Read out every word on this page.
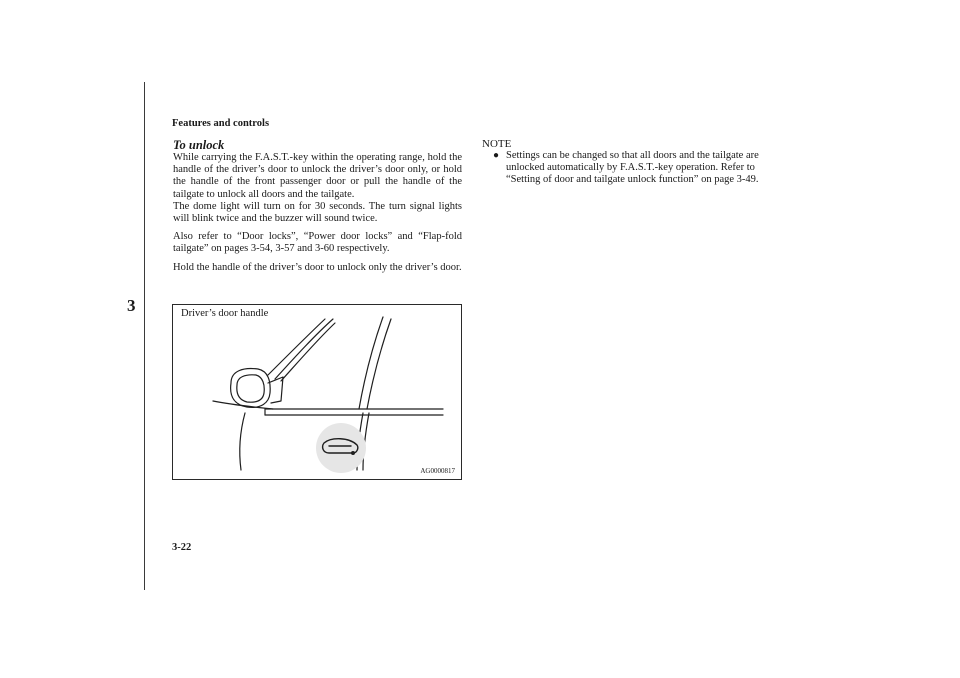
Features and controls
3
To unlock
While carrying the F.A.S.T.-key within the operating range, hold the handle of the driver’s door to unlock the driver’s door only, or hold the handle of the front passenger door or pull the handle of the tailgate to unlock all doors and the tailgate.
The dome light will turn on for 30 seconds. The turn signal lights will blink twice and the buzzer will sound twice.
Also refer to “Door locks”, “Power door locks” and “Flap-fold tailgate” on pages 3-54, 3-57 and 3-60 respectively.
Hold the handle of the driver’s door to unlock only the driver’s door.
Driver’s door handle
AG0000817
NOTE
● Settings can be changed so that all doors and the tailgate are unlocked automatically by F.A.S.T.-key operation. Refer to “Setting of door and tailgate unlock function” on page 3-49.
3-22
